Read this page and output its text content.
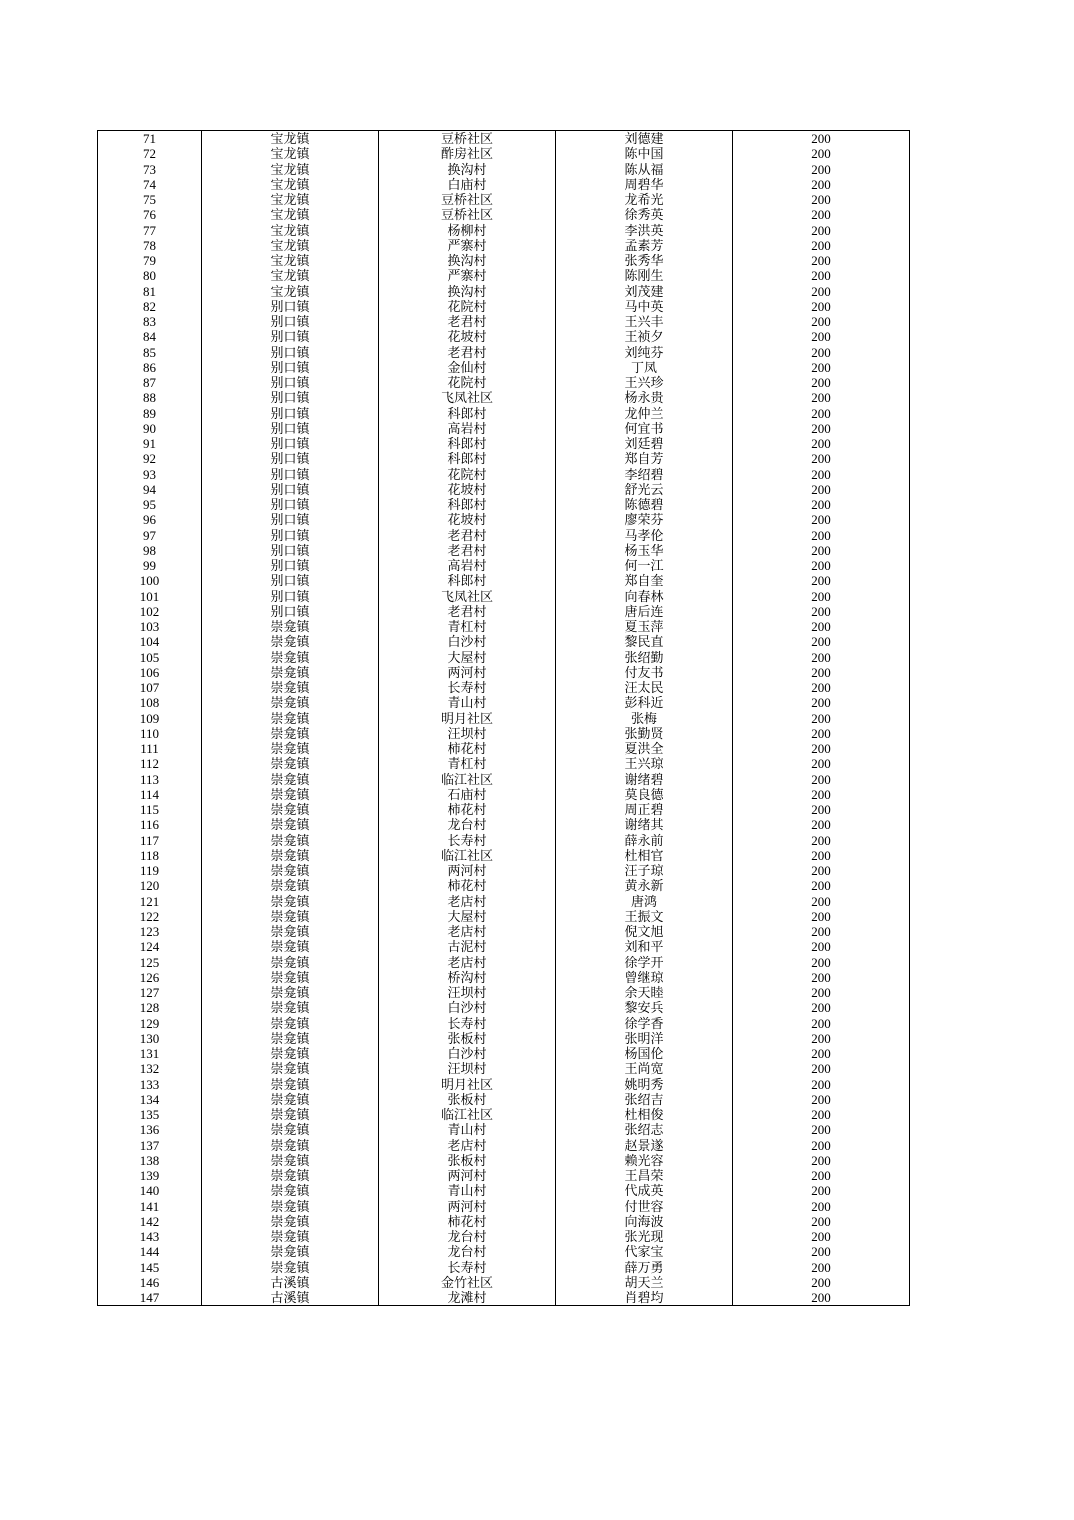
71	宝龙镇	豆桥社区	刘德建	200
72	宝龙镇	酢房社区	陈中国	200
73	宝龙镇	换沟村	陈从福	200
74	宝龙镇	白庙村	周碧华	200
75	宝龙镇	豆桥社区	龙希光	200
76	宝龙镇	豆桥社区	徐秀英	200
77	宝龙镇	杨柳村	李洪英	200
78	宝龙镇	严寨村	孟素芳	200
79	宝龙镇	换沟村	张秀华	200
80	宝龙镇	严寨村	陈刚生	200
81	宝龙镇	换沟村	刘茂建	200
82	别口镇	花院村	马中英	200
83	别口镇	老君村	王兴丰	200
84	别口镇	花坡村	王祯夕	200
85	别口镇	老君村	刘纯芬	200
86	别口镇	金仙村	丁凤	200
87	别口镇	花院村	王兴珍	200
88	别口镇	飞凤社区	杨永贵	200
89	别口镇	科郎村	龙仲兰	200
90	别口镇	高岩村	何宜书	200
91	别口镇	科郎村	刘廷碧	200
92	别口镇	科郎村	郑自芳	200
93	别口镇	花院村	李绍碧	200
94	别口镇	花坡村	舒光云	200
95	别口镇	科郎村	陈德碧	200
96	别口镇	花坡村	廖荣芬	200
97	别口镇	老君村	马孝伦	200
98	别口镇	老君村	杨玉华	200
99	别口镇	高岩村	何一江	200
100	别口镇	科郎村	郑自奎	200
101	别口镇	飞凤社区	向春林	200
102	别口镇	老君村	唐后连	200
103	崇龛镇	青杠村	夏玉萍	200
104	崇龛镇	白沙村	黎民直	200
105	崇龛镇	大屋村	张绍勤	200
106	崇龛镇	两河村	付友书	200
107	崇龛镇	长寿村	汪太民	200
108	崇龛镇	青山村	彭科近	200
109	崇龛镇	明月社区	张梅	200
110	崇龛镇	汪坝村	张勤贤	200
111	崇龛镇	柿花村	夏洪全	200
112	崇龛镇	青杠村	王兴琼	200
113	崇龛镇	临江社区	谢绪碧	200
114	崇龛镇	石庙村	莫良德	200
115	崇龛镇	柿花村	周正碧	200
116	崇龛镇	龙台村	谢绪其	200
117	崇龛镇	长寿村	薛永前	200
118	崇龛镇	临江社区	杜相官	200
119	崇龛镇	两河村	汪子琼	200
120	崇龛镇	柿花村	黄永新	200
121	崇龛镇	老店村	唐鸿	200
122	崇龛镇	大屋村	王振文	200
123	崇龛镇	老店村	倪文旭	200
124	崇龛镇	古泥村	刘和平	200
125	崇龛镇	老店村	徐学开	200
126	崇龛镇	桥沟村	曾继琼	200
127	崇龛镇	汪坝村	余天睦	200
128	崇龛镇	白沙村	黎安兵	200
129	崇龛镇	长寿村	徐学香	200
130	崇龛镇	张板村	张明洋	200
131	崇龛镇	白沙村	杨国伦	200
132	崇龛镇	汪坝村	王尚宽	200
133	崇龛镇	明月社区	姚明秀	200
134	崇龛镇	张板村	张绍吉	200
135	崇龛镇	临江社区	杜相俊	200
136	崇龛镇	青山村	张绍志	200
137	崇龛镇	老店村	赵景遂	200
138	崇龛镇	张板村	赖光容	200
139	崇龛镇	两河村	王昌荣	200
140	崇龛镇	青山村	代成英	200
141	崇龛镇	两河村	付世容	200
142	崇龛镇	柿花村	向海波	200
143	崇龛镇	龙台村	张光现	200
144	崇龛镇	龙台村	代家宝	200
145	崇龛镇	长寿村	薛万勇	200
146	古溪镇	金竹社区	胡天兰	200
147	古溪镇	龙滩村	肖碧均	200
